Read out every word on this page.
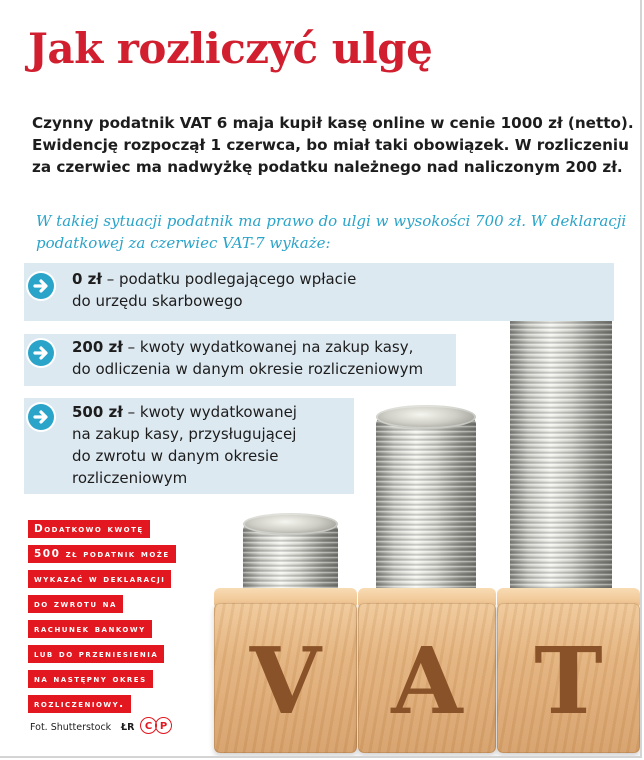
Jak rozliczyć ulgę
Czynny podatnik VAT 6 maja kupił kasę online w cenie 1000 zł (netto).
Ewidencję rozpoczął 1 czerwca, bo miał taki obowiązek. W rozliczeniu
za czerwiec ma nadwyżkę podatku należnego nad naliczonym 200 zł.
W takiej sytuacji podatnik ma prawo do ulgi w wysokości 700 zł. W deklaracji
podatkowej za czerwiec VAT-7 wykaże:
V A T
0 zł – podatku podlegającego wpłacie
do urzędu skarbowego
200 zł – kwoty wydatkowanej na zakup kasy,
do odliczenia w danym okresie rozliczeniowym
500 zł – kwoty wydatkowanej
na zakup kasy, przysługującej
do zwrotu w danym okresie
rozliczeniowym
Dodatkowo kwotę
500 zł podatnik może
wykazać w deklaracji
do zwrotu na
rachunek bankowy
lub do przeniesienia
na następny okres
rozliczeniowy.
Fot. Shutterstock ŁR	C P
